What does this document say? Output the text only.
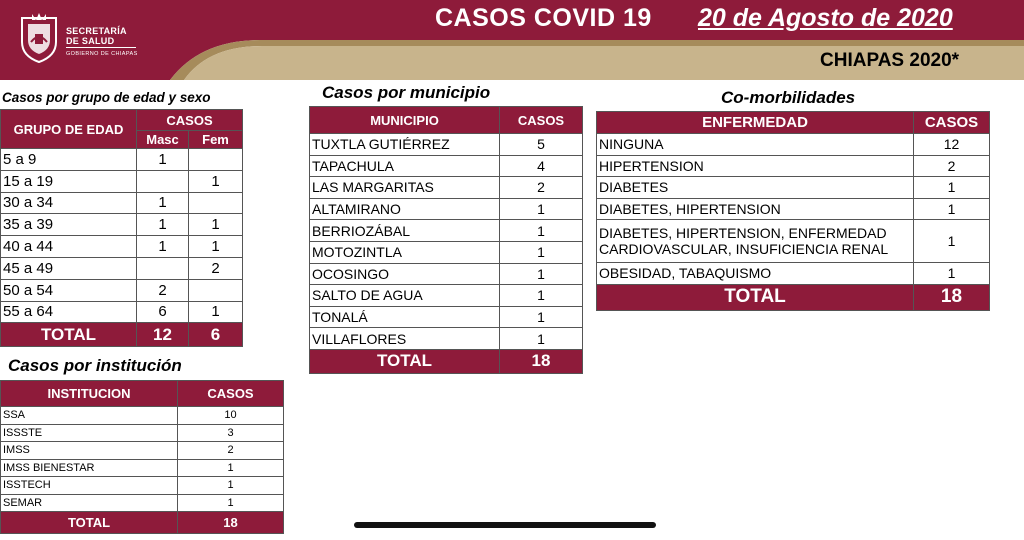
SECRETARÍA
DE SALUD
GOBIERNO DE CHIAPAS
CASOS COVID 19 20 de Agosto de 2020
CHIAPAS 2020*
Casos por grupo de edad y sexo
GRUPO DE EDAD	CASOS	
	Masc	Fem
5 a 9	1	
15 a 19		1
30 a 34	1	
35 a 39	1	1
40 a 44	1	1
45 a 49		2
50 a 54	2	
55 a 64	6	1
TOTAL	12	6
Casos por institución
INSTITUCION	CASOS
SSA	10
ISSSTE	3
IMSS	2
IMSS BIENESTAR	1
ISSTECH	1
SEMAR	1
TOTAL	18
Casos por municipio
MUNICIPIO	CASOS
TUXTLA GUTIÉRREZ	5
TAPACHULA	4
LAS MARGARITAS	2
ALTAMIRANO	1
BERRIOZÁBAL	1
MOTOZINTLA	1
OCOSINGO	1
SALTO DE AGUA	1
TONALÁ	1
VILLAFLORES	1
TOTAL	18
Co-morbilidades
ENFERMEDAD	CASOS

NINGUNA	12

HIPERTENSION	2

DIABETES	1

DIABETES, HIPERTENSION	1

DIABETES, HIPERTENSION, ENFERMEDAD
CARDIOVASCULAR, INSUFICIENCIA RENAL	1

OBESIDAD, TABAQUISMO	1
TOTAL	18
